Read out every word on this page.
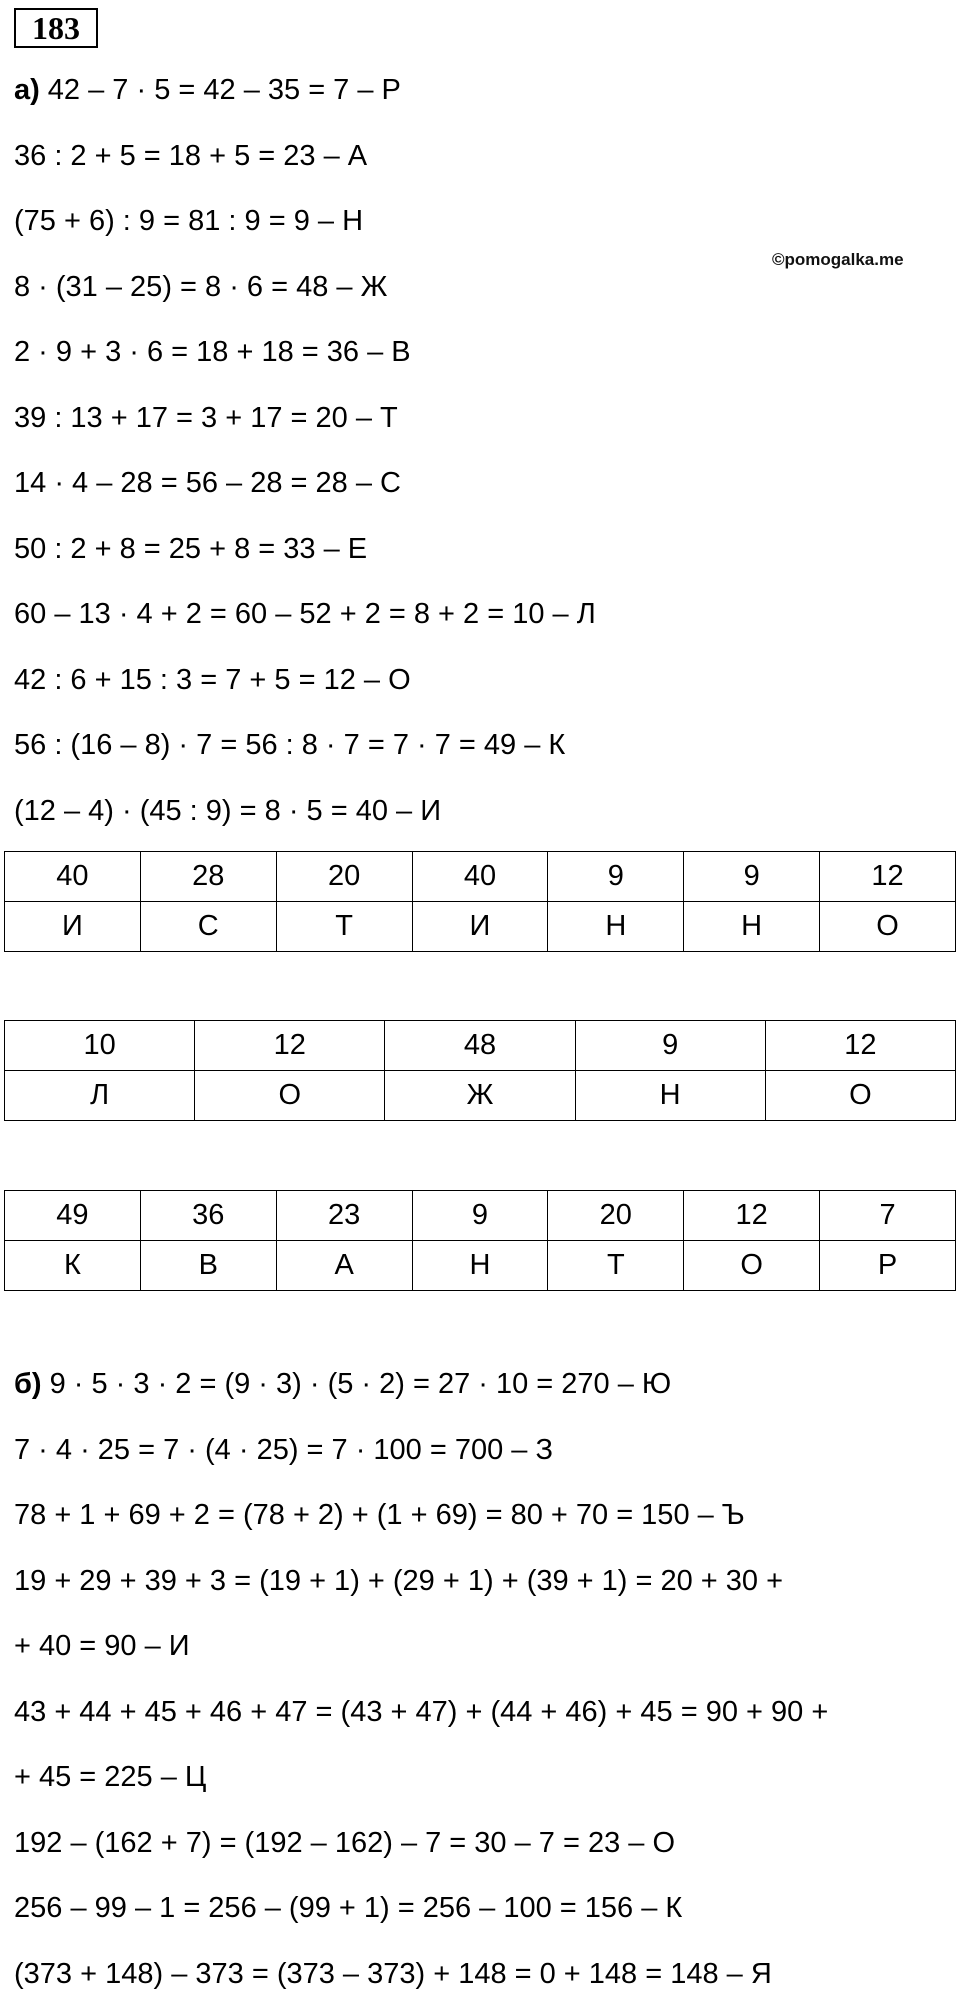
183
©pomogalka.me
а) 42 – 7 · 5 = 42 – 35 = 7 – Р
36 : 2 + 5 = 18 + 5 = 23 – А
(75 + 6) : 9 = 81 : 9 = 9 – Н
8 · (31 – 25) = 8 · 6 = 48 – Ж
2 · 9 + 3 · 6 = 18 + 18 = 36 – В
39 : 13 + 17 = 3 + 17 = 20 – Т
14 · 4 – 28 = 56 – 28 = 28 – С
50 : 2 + 8 = 25 + 8 = 33 – Е
60 – 13 · 4 + 2 = 60 – 52 + 2 = 8 + 2 = 10 – Л
42 : 6 + 15 : 3 = 7 + 5 = 12 – О
56 : (16 – 8) · 7 = 56 : 8 · 7 = 7 · 7 = 49 – К
(12 – 4) · (45 : 9) = 8 · 5 = 40 – И
40	28	20	40	9	9	12
И	С	Т	И	Н	Н	О
10	12	48	9	12
Л	О	Ж	Н	О
49	36	23	9	20	12	7
К	В	А	Н	Т	О	Р
б) 9 · 5 · 3 · 2 = (9 · 3) · (5 · 2) = 27 · 10 = 270 – Ю
7 · 4 · 25 = 7 · (4 · 25) = 7 · 100 = 700 – З
78 + 1 + 69 + 2 = (78 + 2) + (1 + 69) = 80 + 70 = 150 – Ъ
19 + 29 + 39 + 3 = (19 + 1) + (29 + 1) + (39 + 1) = 20 + 30 +
+ 40 = 90 – И
43 + 44 + 45 + 46 + 47 = (43 + 47) + (44 + 46) + 45 = 90 + 90 +
+ 45 = 225 – Ц
192 – (162 + 7) = (192 – 162) – 7 = 30 – 7 = 23 – О
256 – 99 – 1 = 256 – (99 + 1) = 256 – 100 = 156 – К
(373 + 148) – 373 = (373 – 373) + 148 = 0 + 148 = 148 – Я
